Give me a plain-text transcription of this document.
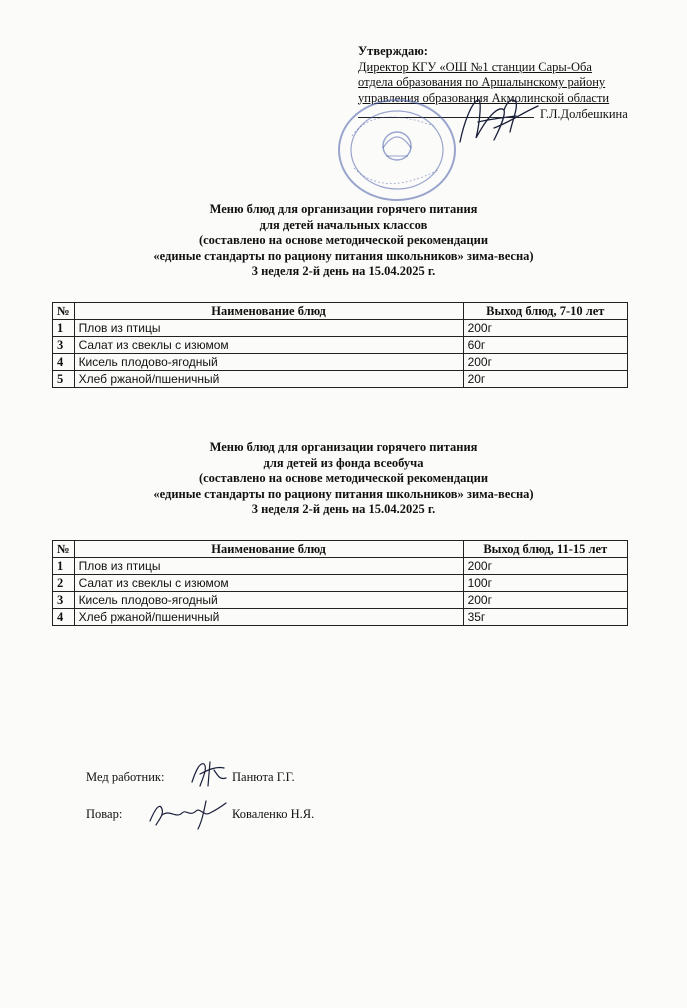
Утверждаю:
Директор КГУ «ОШ №1 станции Сары-Оба
отдела образования по Аршалынскому району
управления образования Акмолинской области
Г.Л.Долбешкина
Меню блюд для организации горячего питания
для детей начальных классов
(составлено на основе методической рекомендации
«единые стандарты по рациону питания школьников» зима-весна)
3 неделя 2-й день на 15.04.2025 г.
№	Наименование блюд	Выход блюд, 7-10 лет
1	Плов из птицы	200г
3	Салат из свеклы с изюмом	60г
4	Кисель плодово-ягодный	200г
5	Хлеб ржаной/пшеничный	20г
Меню блюд для организации горячего питания
для детей из фонда всеобуча
(составлено на основе методической рекомендации
«единые стандарты по рациону питания школьников» зима-весна)
3 неделя 2-й день на 15.04.2025 г.
№	Наименование блюд	Выход блюд, 11-15 лет
1	Плов из птицы	200г
2	Салат из свеклы с изюмом	100г
3	Кисель плодово-ягодный	200г
4	Хлеб ржаной/пшеничный	35г
Мед работник:	Панюта Г.Г.
Повар:	Коваленко Н.Я.
